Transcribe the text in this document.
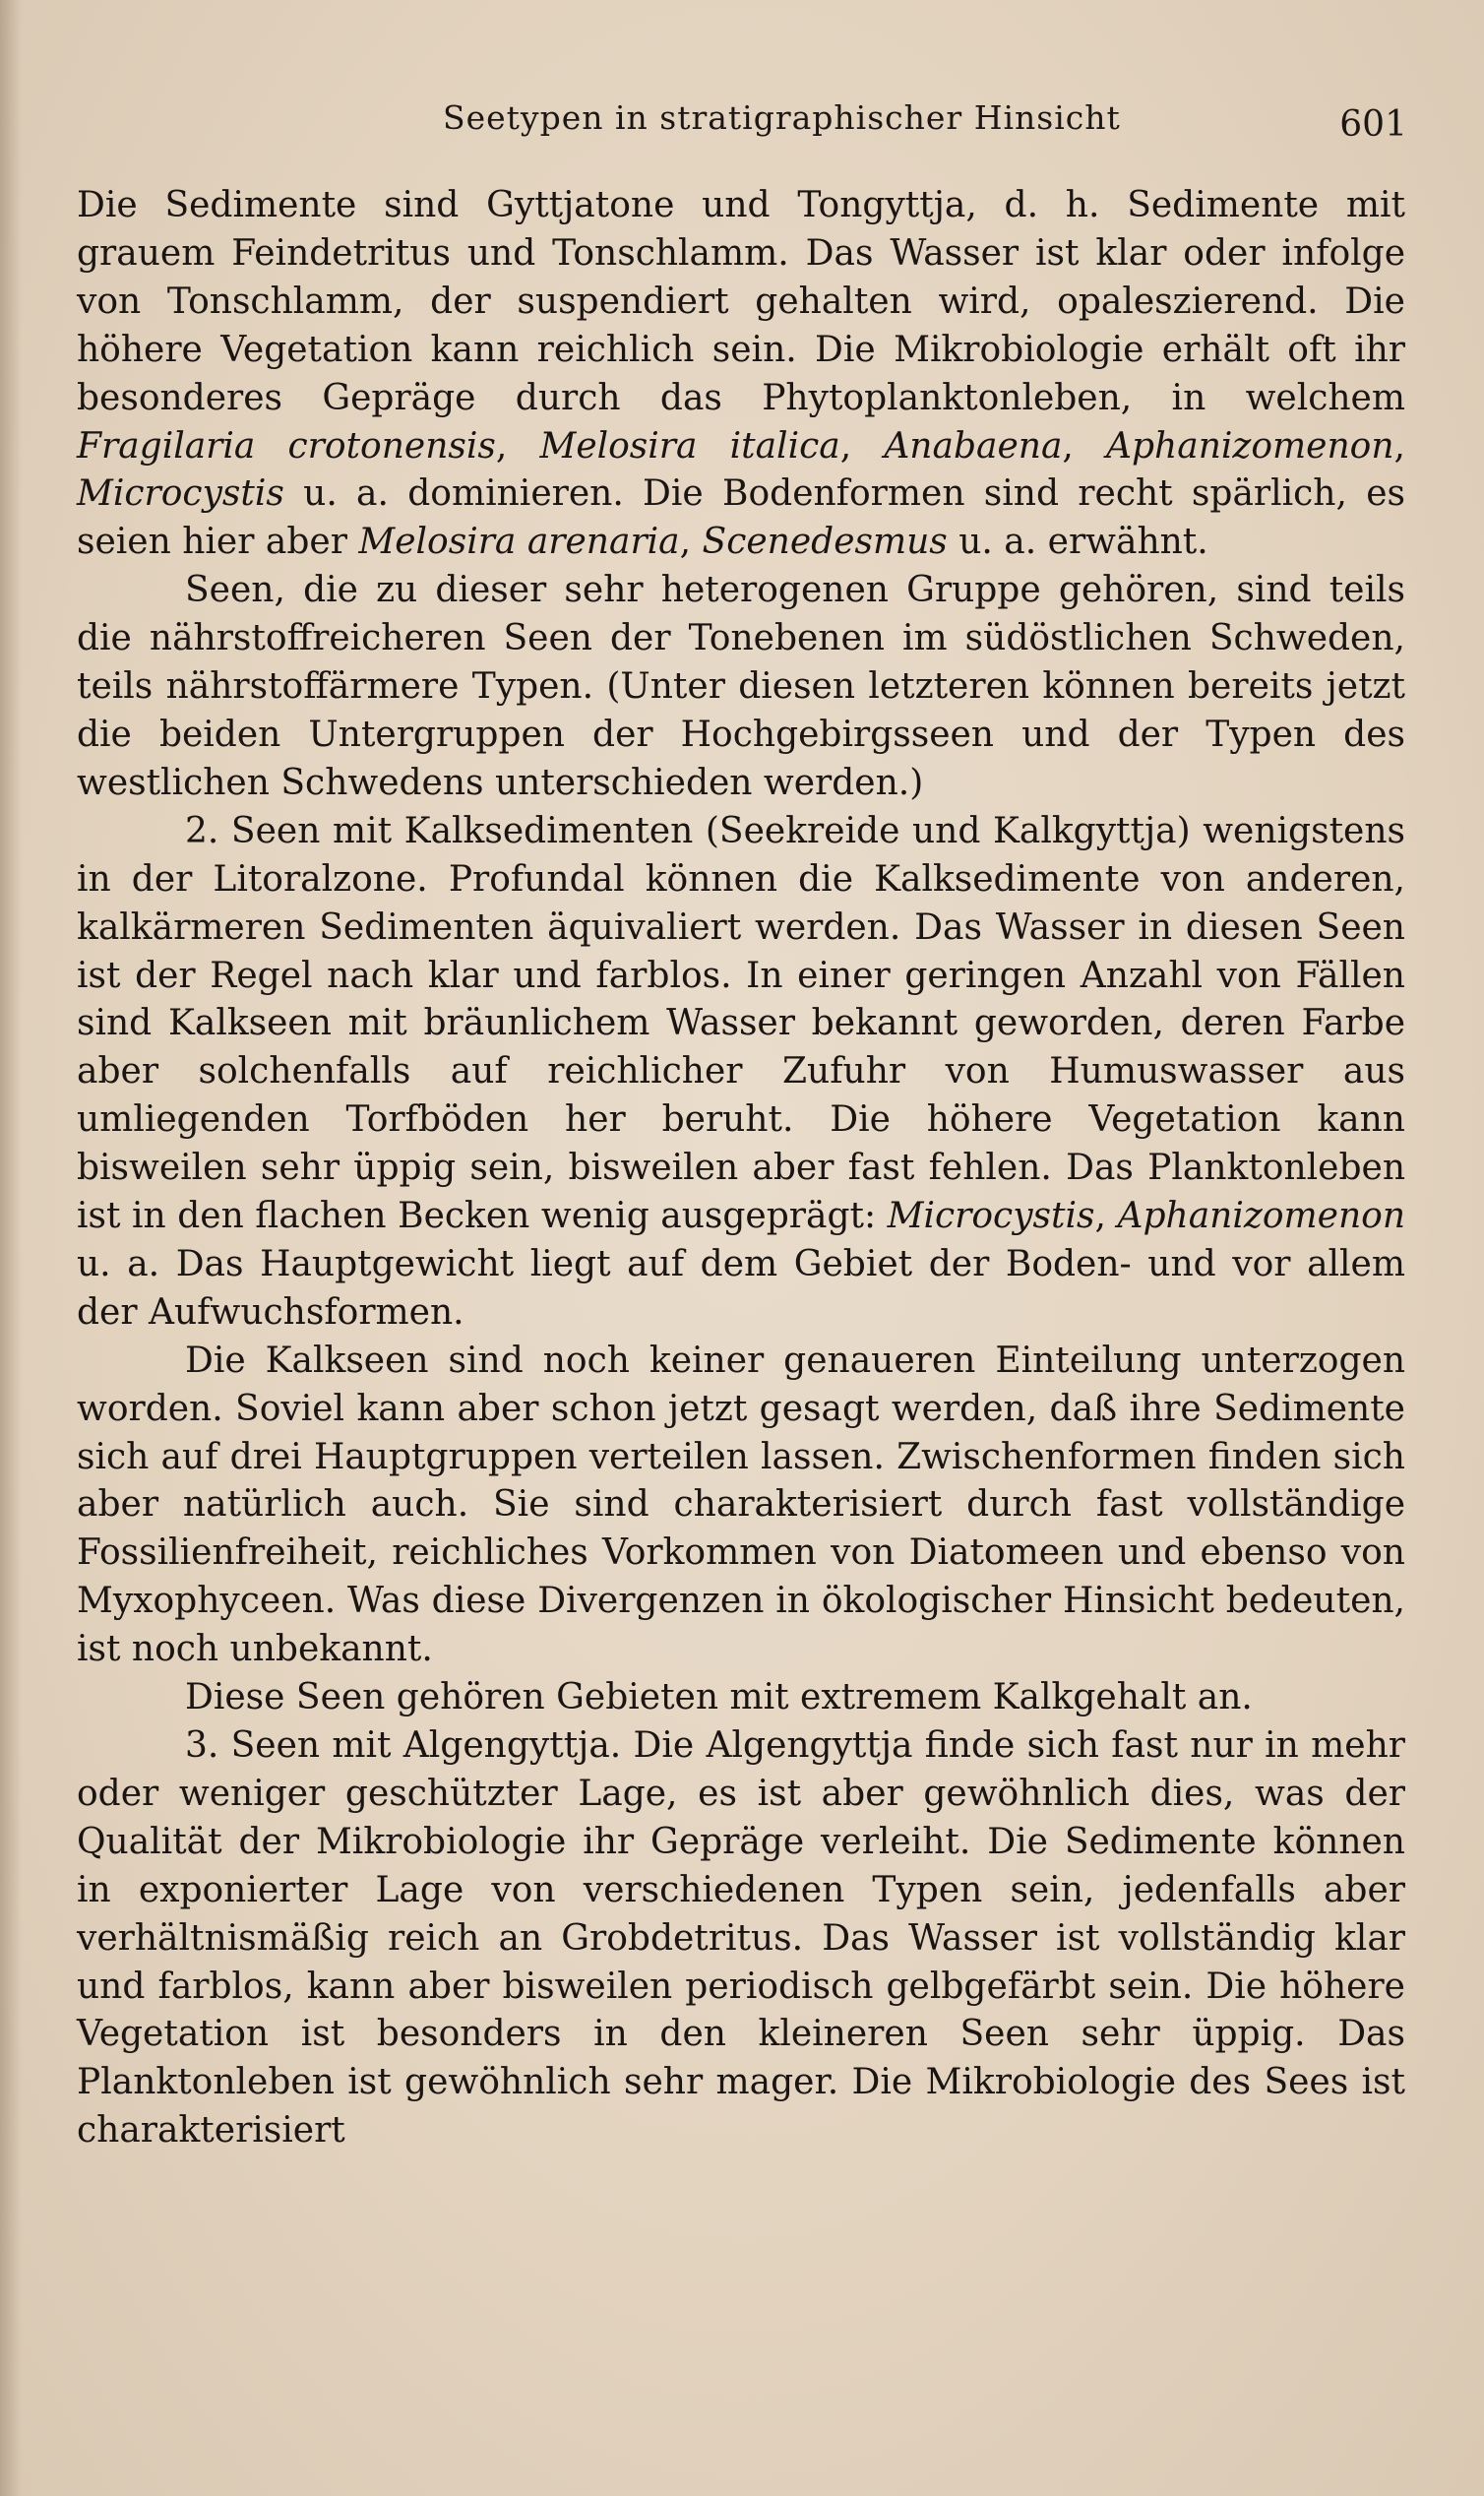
Seetypen in stratigraphischer Hinsicht	601

Die Sedimente sind Gyttjatone und Tongyttja, d. h. Sedimente mit grauem Feindetritus und Tonschlamm. Das Wasser ist klar oder infolge von Tonschlamm, der suspendiert gehalten wird, opaleszierend. Die höhere Vegetation kann reichlich sein. Die Mikrobiologie erhält oft ihr besonderes Gepräge durch das Phytoplanktonleben, in welchem Fragilaria crotonensis, Melosira italica, Anabaena, Aphanizomenon, Microcystis u. a. dominieren. Die Bodenformen sind recht spärlich, es seien hier aber Melosira arenaria, Scenedesmus u. a. erwähnt.

Seen, die zu dieser sehr heterogenen Gruppe gehören, sind teils die nährstoffreicheren Seen der Tonebenen im südöstlichen Schweden, teils nährstoffärmere Typen. (Unter diesen letzteren können bereits jetzt die beiden Untergruppen der Hochgebirgsseen und der Typen des westlichen Schwedens unterschieden werden.)

2. Seen mit Kalksedimenten (Seekreide und Kalkgyttja) wenigstens in der Litoralzone. Profundal können die Kalksedimente von anderen, kalkärmeren Sedimenten äquivaliert werden. Das Wasser in diesen Seen ist der Regel nach klar und farblos. In einer geringen Anzahl von Fällen sind Kalkseen mit bräunlichem Wasser bekannt geworden, deren Farbe aber solchenfalls auf reichlicher Zufuhr von Humuswasser aus umliegenden Torfböden her beruht. Die höhere Vegetation kann bisweilen sehr üppig sein, bisweilen aber fast fehlen. Das Planktonleben ist in den flachen Becken wenig ausgeprägt: Microcystis, Aphanizomenon u. a. Das Hauptgewicht liegt auf dem Gebiet der Boden- und vor allem der Aufwuchsformen.

Die Kalkseen sind noch keiner genaueren Einteilung unterzogen worden. Soviel kann aber schon jetzt gesagt werden, daß ihre Sedimente sich auf drei Hauptgruppen verteilen lassen. Zwischenformen finden sich aber natürlich auch. Sie sind charakterisiert durch fast vollständige Fossilienfreiheit, reichliches Vorkommen von Diatomeen und ebenso von Myxophyceen. Was diese Divergenzen in ökologischer Hinsicht bedeuten, ist noch unbekannt.

Diese Seen gehören Gebieten mit extremem Kalkgehalt an.

3. Seen mit Algengyttja. Die Algengyttja finde sich fast nur in mehr oder weniger geschützter Lage, es ist aber gewöhnlich dies, was der Qualität der Mikrobiologie ihr Gepräge verleiht. Die Sedimente können in exponierter Lage von verschiedenen Typen sein, jedenfalls aber verhältnismäßig reich an Grobdetritus. Das Wasser ist vollständig klar und farblos, kann aber bisweilen periodisch gelbgefärbt sein. Die höhere Vegetation ist besonders in den kleineren Seen sehr üppig. Das Planktonleben ist gewöhnlich sehr mager. Die Mikrobiologie des Sees ist charakterisiert
